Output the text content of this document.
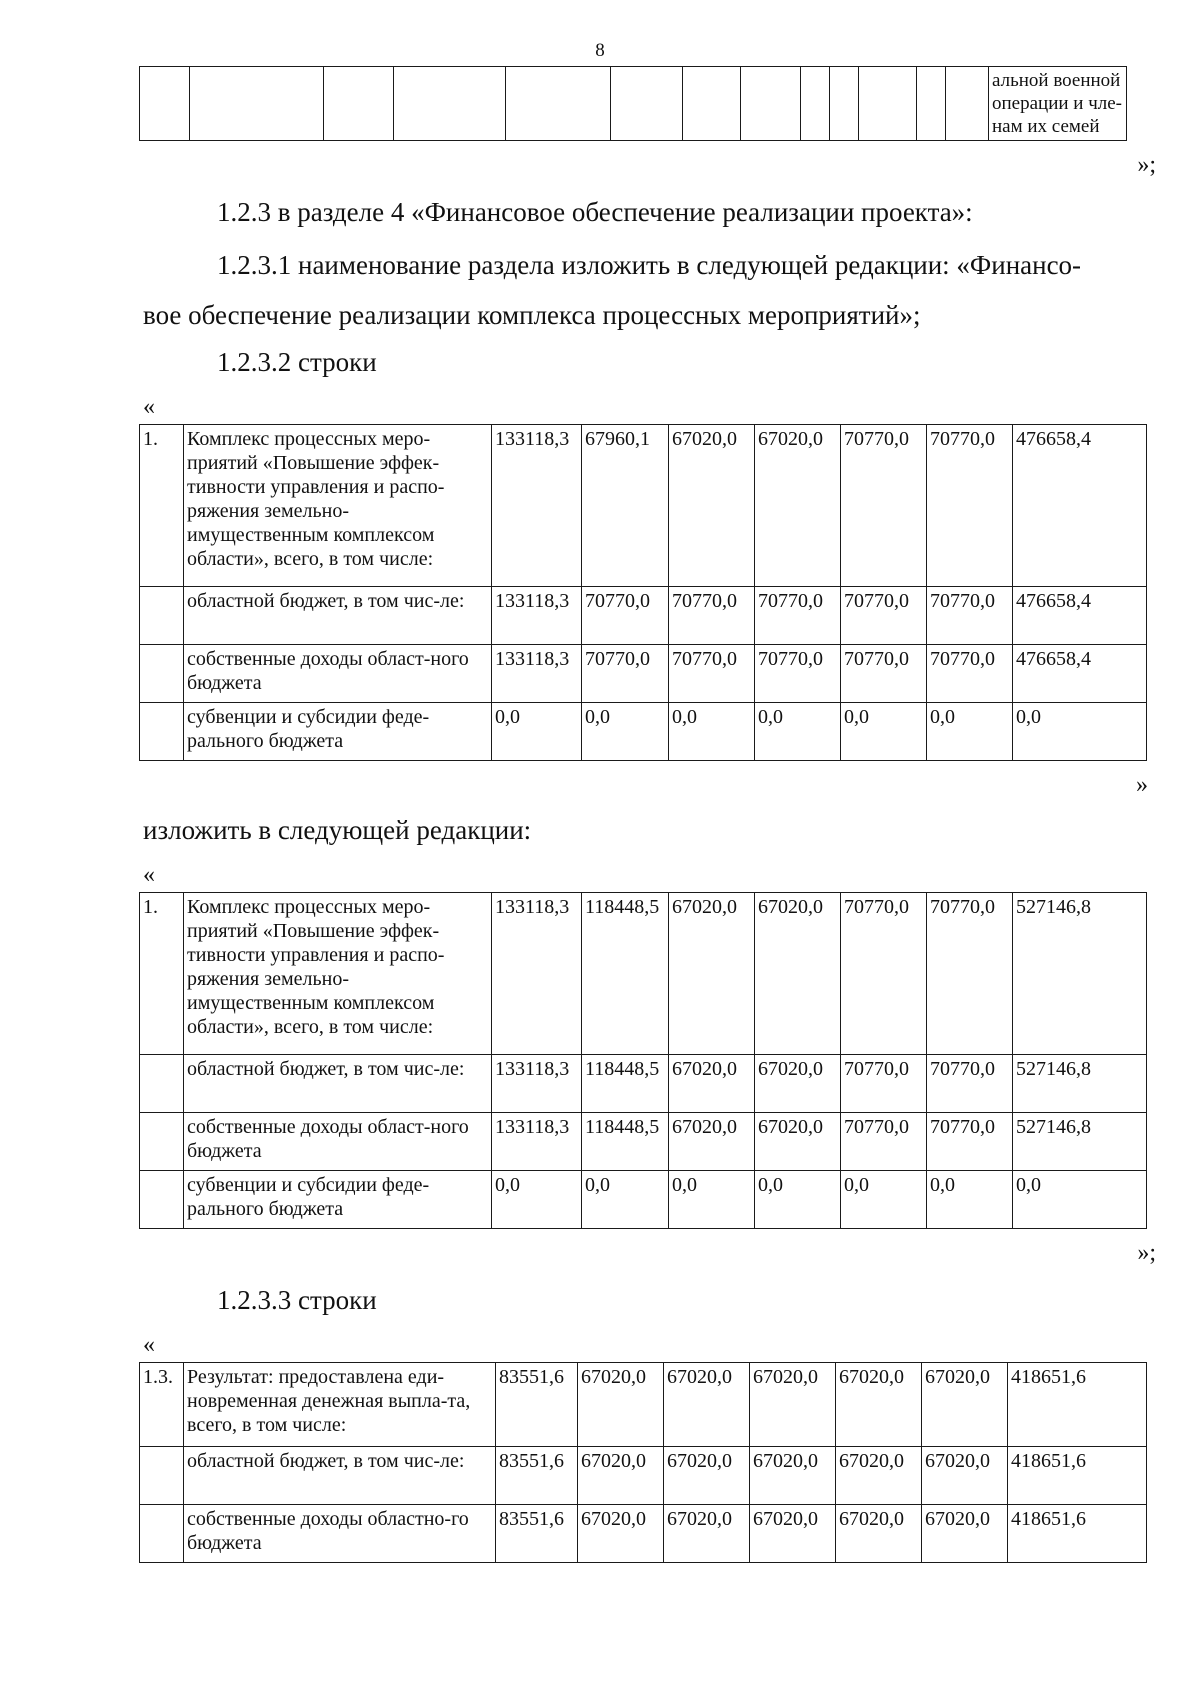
8
													альной военной операции и чле-нам их семей
»;
1.2.3 в разделе 4 «Финансовое обеспечение реализации проекта»:
1.2.3.1 наименование раздела изложить в следующей редакции: «Финансо-
вое обеспечение реализации комплекса процессных мероприятий»;
1.2.3.2 строки
«
1.	Комплекс процессных меро-приятий «Повышение эффек-тивности управления и распо-ряжения земельно-имущественным комплексом области», всего, в том числе:	133118,3	67960,1	67020,0	67020,0	70770,0	70770,0	476658,4
	областной бюджет, в том чис-ле:	133118,3	70770,0	70770,0	70770,0	70770,0	70770,0	476658,4
	собственные доходы област-ного бюджета	133118,3	70770,0	70770,0	70770,0	70770,0	70770,0	476658,4
	субвенции и субсидии феде-рального бюджета	0,0	0,0	0,0	0,0	0,0	0,0	0,0
»
изложить в следующей редакции:
«
1.	Комплекс процессных меро-приятий «Повышение эффек-тивности управления и распо-ряжения земельно-имущественным комплексом области», всего, в том числе:	133118,3	118448,5	67020,0	67020,0	70770,0	70770,0	527146,8
	областной бюджет, в том чис-ле:	133118,3	118448,5	67020,0	67020,0	70770,0	70770,0	527146,8
	собственные доходы област-ного бюджета	133118,3	118448,5	67020,0	67020,0	70770,0	70770,0	527146,8
	субвенции и субсидии феде-рального бюджета	0,0	0,0	0,0	0,0	0,0	0,0	0,0
»;
1.2.3.3 строки
«
1.3.	Результат: предоставлена еди-новременная денежная выпла-та, всего, в том числе:	83551,6	67020,0	67020,0	67020,0	67020,0	67020,0	418651,6
	областной бюджет, в том чис-ле:	83551,6	67020,0	67020,0	67020,0	67020,0	67020,0	418651,6
	собственные доходы областно-го бюджета	83551,6	67020,0	67020,0	67020,0	67020,0	67020,0	418651,6
